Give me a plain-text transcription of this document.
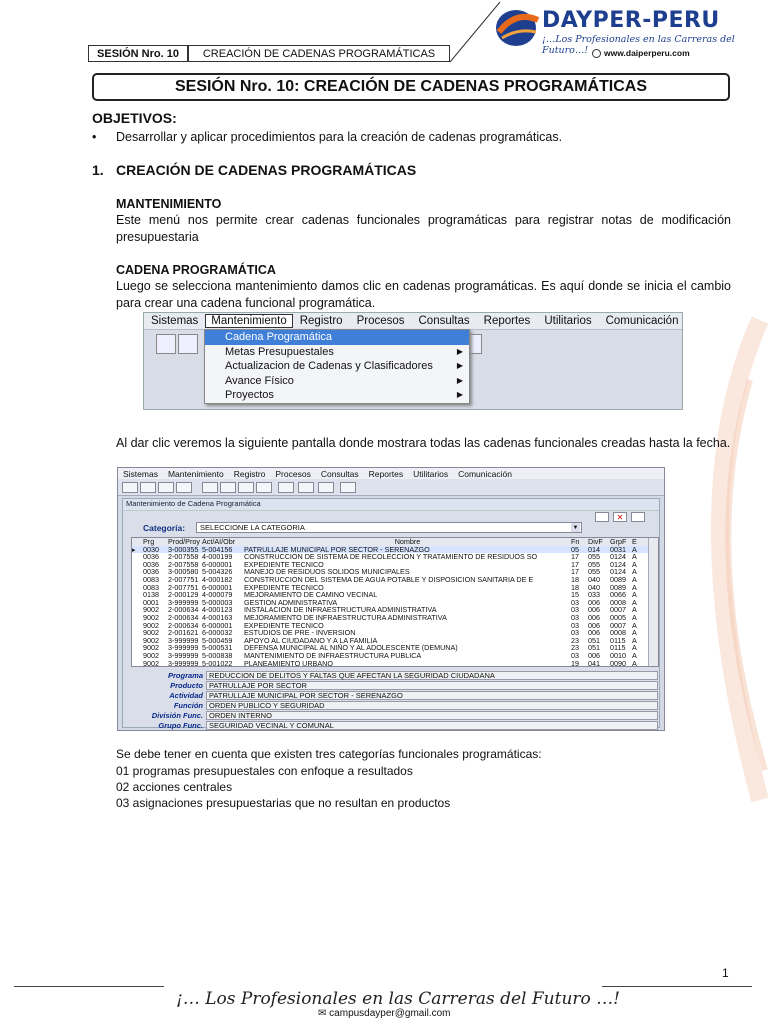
SESIÓN Nro. 10 CREACIÓN DE CADENAS PROGRAMÁTICAS
DAYPER-PERU
¡…Los Profesionales en las Carreras del Futuro…!	www.daiperperu.com
SESIÓN Nro. 10: CREACIÓN DE CADENAS PROGRAMÁTICAS
OBJETIVOS:
• Desarrollar y aplicar procedimientos para la creación de cadenas programáticas.
1. CREACIÓN DE CADENAS PROGRAMÁTICAS
MANTENIMIENTO
Este menú nos permite crear cadenas funcionales programáticas para registrar notas de modificación presupuestaria
CADENA PROGRAMÁTICA
Luego se selecciona mantenimiento damos clic en cadenas programáticas. Es aquí donde se inicia el cambio para crear una cadena funcional programática.
Sistemas	Mantenimiento	Registro	Procesos	Consultas	Reportes	Utilitarios	Comunicación
Cadena Programática
Metas Presupuestales	▶
Actualizacion de Cadenas y Clasificadores	▶
Avance Físico	▶
Proyectos	▶
Al dar clic veremos la siguiente pantalla donde mostrara todas las cadenas funcionales creadas hasta la fecha.
Sistemas	Mantenimiento	Registro	Procesos	Consultas	Reportes	Utilitarios	Comunicación
Mantenimiento de Cadena Programática
✕
Categoría:	SELECCIONE LA CATEGORIA	▼
Prg	Prod/Proy Act/AI/Obr	Nombre	Fn	DivF	GrpF E
▸	0030	3-000355 5-004156	PATRULLAJE MUNICIPAL POR SECTOR - SERENAZGO	05	014	0031 A
0036	2-007558 4-000199	CONSTRUCCION DE SISTEMA DE RECOLECCION Y TRATAMIENTO DE RESIDUOS SO	17	055	0124 A
0036	2-007558 6-000001	EXPEDIENTE TECNICO	17	055	0124 A
0036	3-000580 5-004326	MANEJO DE RESIDUOS SOLIDOS MUNICIPALES	17	055	0124 A
0083	2-007751 4-000182	CONSTRUCCION DEL SISTEMA DE AGUA POTABLE Y DISPOSICION SANITARIA DE E	18	040	0089 A
0083	2-007751 6-000001	EXPEDIENTE TECNICO	18	040	0089 A
0138	2-000129 4-000079	MEJORAMIENTO DE CAMINO VECINAL	15	033	0066 A
0001	3-999999 5-000003	GESTION ADMINISTRATIVA	03	006	0008 A
9002	2-000634 4-000123	INSTALACION DE INFRAESTRUCTURA ADMINISTRATIVA	03	006	0007 A
9002	2-000634 4-000163	MEJORAMIENTO DE INFRAESTRUCTURA ADMINISTRATIVA	03	006	0005 A
9002	2-000634 6-000001	EXPEDIENTE TECNICO	03	006	0007 A
9002	2-001621 6-000032	ESTUDIOS DE PRE - INVERSION	03	006	0008 A
9002	3-999999 5-000459	APOYO AL CIUDADANO Y A LA FAMILIA	23	051	0115 A
9002	3-999999 5-000531	DEFENSA MUNICIPAL AL NIÑO Y AL ADOLESCENTE (DEMUNA)	23	051	0115 A
9002	3-999999 5-000838	MANTENIMIENTO DE INFRAESTRUCTURA PUBLICA	03	006	0010 A
9002	3-999999 5-001022	PLANEAMIENTO URBANO	19	041	0090 A
Programa REDUCCION DE DELITOS Y FALTAS QUE AFECTAN LA SEGURIDAD CIUDADANA
Producto PATRULLAJE POR SECTOR
Actividad PATRULLAJE MUNICIPAL POR SECTOR - SERENAZGO
Función ORDEN PUBLICO Y SEGURIDAD
División Func. ORDEN INTERNO
Grupo Func. SEGURIDAD VECINAL Y COMUNAL
Se debe tener en cuenta que existen tres categorías funcionales programáticas:
01 programas presupuestales con enfoque a resultados
02 acciones centrales
03 asignaciones presupuestarias que no resultan en productos
1
¡… Los Profesionales en las Carreras del Futuro …!
✉ campusdayper@gmail.com
